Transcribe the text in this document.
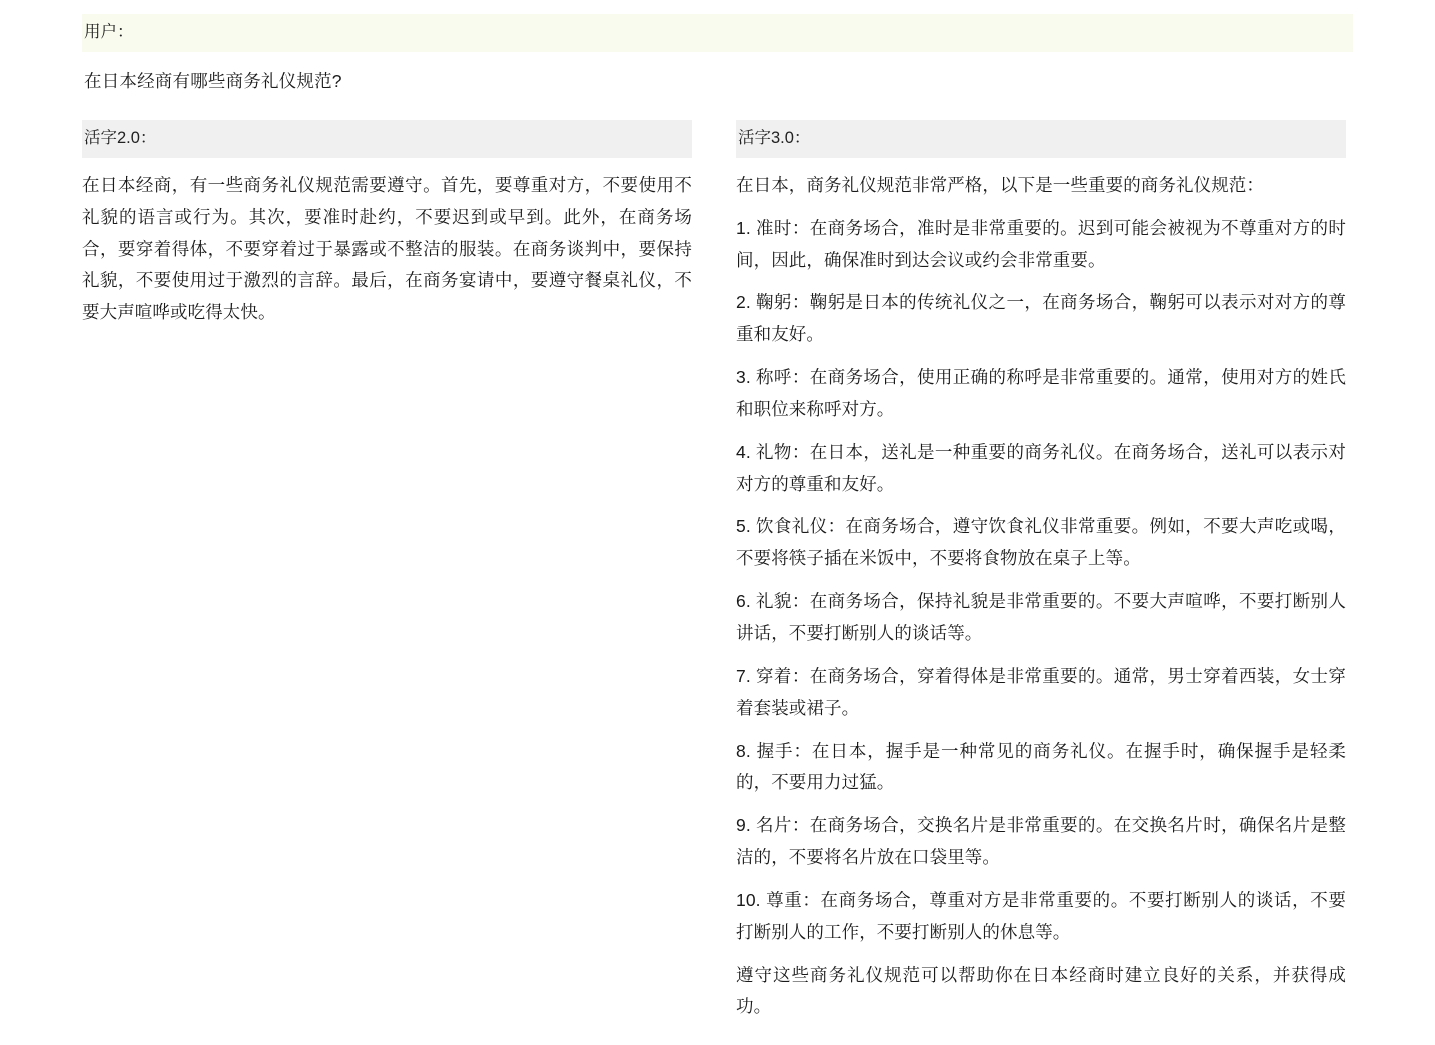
用户：
在日本经商有哪些商务礼仪规范?
活字2.0：

在日本经商，有一些商务礼仪规范需要遵守。首先，要尊重对方，不要使用不礼貌的语言或行为。其次，要准时赴约，不要迟到或早到。此外，在商务场合，要穿着得体，不要穿着过于暴露或不整洁的服装。在商务谈判中，要保持礼貌，不要使用过于激烈的言辞。最后，在商务宴请中，要遵守餐桌礼仪，不要大声喧哗或吃得太快。

活字3.0：

在日本，商务礼仪规范非常严格，以下是一些重要的商务礼仪规范：

1. 准时：在商务场合，准时是非常重要的。迟到可能会被视为不尊重对方的时间，因此，确保准时到达会议或约会非常重要。

2. 鞠躬：鞠躬是日本的传统礼仪之一，在商务场合，鞠躬可以表示对对方的尊重和友好。

3. 称呼：在商务场合，使用正确的称呼是非常重要的。通常，使用对方的姓氏和职位来称呼对方。

4. 礼物：在日本，送礼是一种重要的商务礼仪。在商务场合，送礼可以表示对对方的尊重和友好。

5. 饮食礼仪：在商务场合，遵守饮食礼仪非常重要。例如，不要大声吃或喝，不要将筷子插在米饭中，不要将食物放在桌子上等。

6. 礼貌：在商务场合，保持礼貌是非常重要的。不要大声喧哗，不要打断别人讲话，不要打断别人的谈话等。

7. 穿着：在商务场合，穿着得体是非常重要的。通常，男士穿着西装，女士穿着套装或裙子。

8. 握手：在日本，握手是一种常见的商务礼仪。在握手时，确保握手是轻柔的，不要用力过猛。

9. 名片：在商务场合，交换名片是非常重要的。在交换名片时，确保名片是整洁的，不要将名片放在口袋里等。

10. 尊重：在商务场合，尊重对方是非常重要的。不要打断别人的谈话，不要打断别人的工作，不要打断别人的休息等。

遵守这些商务礼仪规范可以帮助你在日本经商时建立良好的关系，并获得成功。
